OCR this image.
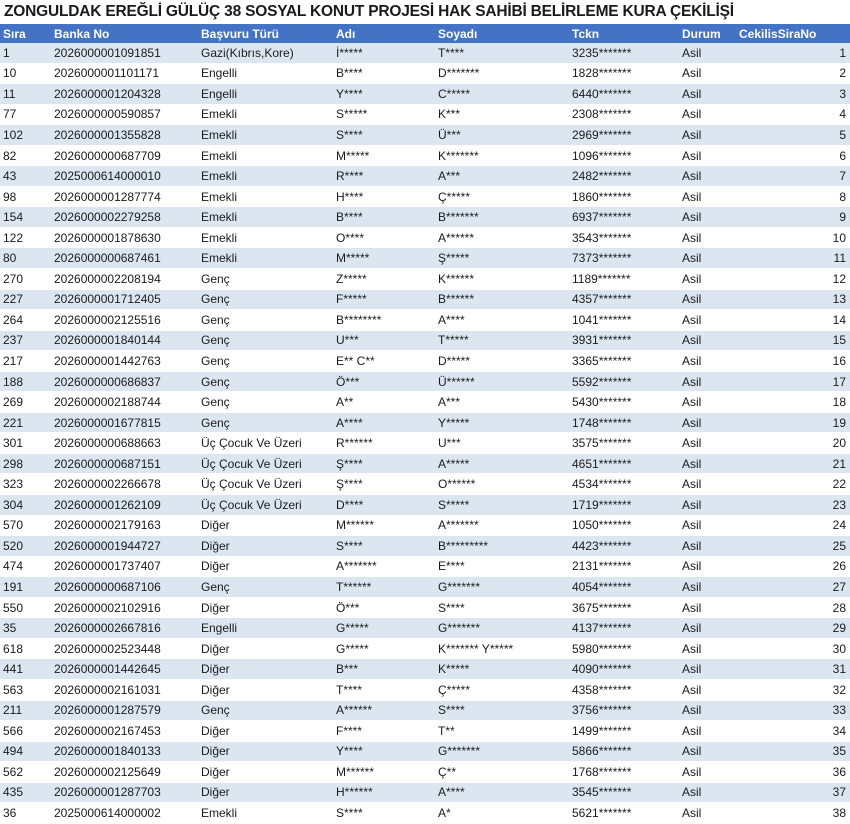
ZONGULDAK EREĞLİ GÜLÜÇ 38 SOSYAL KONUT PROJESİ HAK SAHİBİ BELİRLEME KURA ÇEKİLİŞİ
Sıra	Banka No	Başvuru Türü	Adı	Soyadı	Tckn	Durum	CekilisSiraNo
1	2026000001091851	Gazi(Kıbrıs,Kore)	İ*****	T****	3235*******	Asil	1
10	2026000001101171	Engelli	B****	D*******	1828*******	Asil	2
11	2026000001204328	Engelli	Y****	C*****	6440*******	Asil	3
77	2026000000590857	Emekli	S*****	K***	2308*******	Asil	4
102	2026000001355828	Emekli	S****	Ü***	2969*******	Asil	5
82	2026000000687709	Emekli	M*****	K*******	1096*******	Asil	6
43	2025000614000010	Emekli	R****	A***	2482*******	Asil	7
98	2026000001287774	Emekli	H****	Ç*****	1860*******	Asil	8
154	2026000002279258	Emekli	B****	B*******	6937*******	Asil	9
122	2026000001878630	Emekli	O****	A******	3543*******	Asil	10
80	2026000000687461	Emekli	M*****	Ş*****	7373*******	Asil	11
270	2026000002208194	Genç	Z*****	K******	1189*******	Asil	12
227	2026000001712405	Genç	F*****	B******	4357*******	Asil	13
264	2026000002125516	Genç	B********	A****	1041*******	Asil	14
237	2026000001840144	Genç	U***	T*****	3931*******	Asil	15
217	2026000001442763	Genç	E** C**	D*****	3365*******	Asil	16
188	2026000000686837	Genç	Ö***	Ü******	5592*******	Asil	17
269	2026000002188744	Genç	A**	A***	5430*******	Asil	18
221	2026000001677815	Genç	A****	Y*****	1748*******	Asil	19
301	2026000000688663	Üç Çocuk Ve Üzeri	R******	U***	3575*******	Asil	20
298	2026000000687151	Üç Çocuk Ve Üzeri	Ş****	A*****	4651*******	Asil	21
323	2026000002266678	Üç Çocuk Ve Üzeri	Ş****	O******	4534*******	Asil	22
304	2026000001262109	Üç Çocuk Ve Üzeri	D****	S*****	1719*******	Asil	23
570	2026000002179163	Diğer	M******	A*******	1050*******	Asil	24
520	2026000001944727	Diğer	S****	B*********	4423*******	Asil	25
474	2026000001737407	Diğer	A*******	E****	2131*******	Asil	26
191	2026000000687106	Genç	T******	G*******	4054*******	Asil	27
550	2026000002102916	Diğer	Ö***	S****	3675*******	Asil	28
35	2026000002667816	Engelli	G*****	G*******	4137*******	Asil	29
618	2026000002523448	Diğer	G*****	K******* Y*****	5980*******	Asil	30
441	2026000001442645	Diğer	B***	K*****	4090*******	Asil	31
563	2026000002161031	Diğer	T****	Ç*****	4358*******	Asil	32
211	2026000001287579	Genç	A******	S****	3756*******	Asil	33
566	2026000002167453	Diğer	F****	T**	1499*******	Asil	34
494	2026000001840133	Diğer	Y****	G*******	5866*******	Asil	35
562	2026000002125649	Diğer	M******	Ç**	1768*******	Asil	36
435	2026000001287703	Diğer	H******	A****	3545*******	Asil	37
36	2025000614000002	Emekli	S****	A*	5621*******	Asil	38
